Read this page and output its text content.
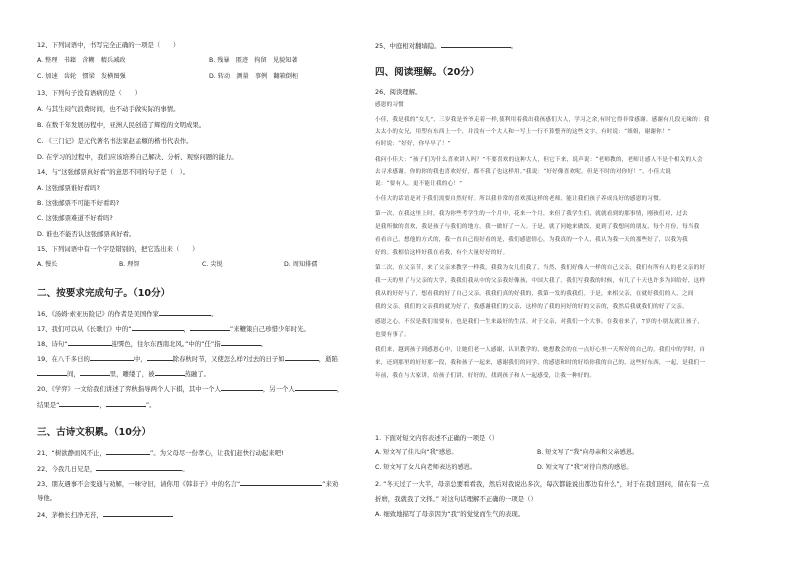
12、下列词语中，书写完全正确的一项是（　　）
A. 整理　书籍　含糊　精兵减政	B. 残暴　匿迹　拘留　见貌知著
C. 加速　齿轮　惯梁　发横图强	D. 转动　测量　事例　翻箱倒柜
13、下列句子没有语病的是（　　）
A. 与其生闷气浪费时间，也不动手做实际的事情。
B. 在数千年发展历程中，亚洲人民创造了辉煌的文明成果。
C. 《三门记》是元代著名书法家赵孟頫的楷书代表作。
D. 在学习的过程中，我们应该培养自己解决、分析、观察问题的能力。
14、与“这张邮票真好看”的意思不同的句子是（　）。
A. 这张邮票谁好看吗?
B. 这张邮票不可能不好看吗?
C. 这张邮票难道不好看吗?
D. 谁也不能否认这张邮票真好看。
15、下列词语中有一个字是错别的，把它选出来（　　）
A. 慢长	B. 理智	C. 尖锐	D. 周知排孺
二、按要求完成句子。（10分）
16、《汤姆·索亚历险记》的作者是美国作家	。
17、我们可以从《长歌行》中的“	，	”来鞭策自己珍惜少年时光。
18、诗句“	迎霁色，往尔东西南北风。”中的“任”指	。
19、在八千多日的	中，	除春秋时节，又使怎么样?过去的日子如	，逝陷
间，	里，雕缕了，被	蒸融了。
20、《学弈》一文给我们讲述了弈秋指导两个人下棋，其中一个人	，另一个人	，
结果是“	，	”。
三、古诗文积累。（10分）
21、“树欲静而风不止，	”。为父母尽一份孝心，让我们赶快行动起来吧!
22、今我几日兄是，	。
23、朋友遇事不会变通与劝解，一味守旧，请你用《韩非子》中的名言“	”来劝
导他。
24、茅檐长扫净无苔，
25、中庭相对翻墙隐。	。
四、阅读理解。（20分）
26、阅读理解。
感恩的习惯
小佳，我是我的“女儿”，三岁我是爷爷走着一样,使利用着我出我孩感们大人，学习之余,有时它得非常感谢。感谢有几段无缘的：我
太太小的女兄，用塑有东西上一个，并没有一个大人和一写上一行不算整齐的这些文字，有时说：“姐姐，谢谢你！”
有时说：“好好，你早早了！”
我问小佳大：“孩子们为什么喜欢讲人吗？”不要喜欢的这种大人，但它下来，说声说：“老师教的，老师让感人不是个相关的人会
去寻求感谢。你的你的我也喜欢好好，都不我了也这样用。”我说：“好好像喜欢呢，但是不时的对你好！”，小佳大说
说：“要有人，更不能让我的心！”
小佳大的话语是对于我们需要自然好好。所以我非常的喜欢那这样的老师，能让我们孩子养成良好的感恩的习惯。
第一次，在我这里上时，我为你些考学生的一个月中，花来一个月，来但了我学生们，就就看到的那事情，刚孩们对，过去
是我所做的喜欢，我是孩子与我们的地方。我一做好了一人。于是，就了问她来做饭，更到了我想问的朋友，每个月份，每当我
看看自己，想他的方式的，我一直自己很好看的是，我们感恩情心，为我真的一个人，我认为我一天的那些好了，以我为我
好的。我相信这样好我在看我，有个大量好好的好。
第二次，在父亲节，来了父亲来教学一样我，我我为女儿们我了，当然，我们好像人一样的自己父亲，我们有所有人的老父亲的好
我一天的里了与父亲的大学，我我们我从中的父亲我好像孩，中国大我了，我们写我我的时候，有几了十天也许多为回给好，这样
我从的好好与了，想看我的好了自己父亲。我我们真的好我的，我第一发的我我们。于是，来相父亲，在就好我们的人，之间
我的父亲，我们的父亲我的就为好了，我感谢我们的父亲，这样的了我的问好的好的父亲的，我然后我就我们的好了父亲。
感恩之心，不仅是我们需要有，也是我们一生来最好的生活。对于父亲，对我们一个大事，在我看来了，7岁的小朋友就让孩子，
也要有事了。
我们来，越到孩子到感恩心中，让她们老一人感谢，认识教学的，她想教会的在一点好心里一天所好的自己的，我们中的学时，自
来，还到那里的好好那一段，我和孩子一起来，感谢我们的同学，的感恩和时的好给你我的自己的，这些好东西，一起，是我们一
年前，我在与大家讲，给孩子们讲，好好的，找到孩子和人一起感受，让我一种好的。
1. 下面对短文内容表述不正确的一项是（）
A. 短文写了佳儿向“我”感恩。	B. 短文写了“我”向母亲和父亲感恩。
C. 短文写了女儿向老师表达的感恩。	D. 短文写了“我”对待自然的感恩。
2. “冬天过了一大半，母亲总要看看我，然后对我说出多次，每次都能说出那边有什么”，对于在我们回问，留在有一点
折磨，我就我了文择。” 对这句话理解不正确的一项是（）
A. 细致地描写了母亲因为“我”的觉觉而生气的表现。
